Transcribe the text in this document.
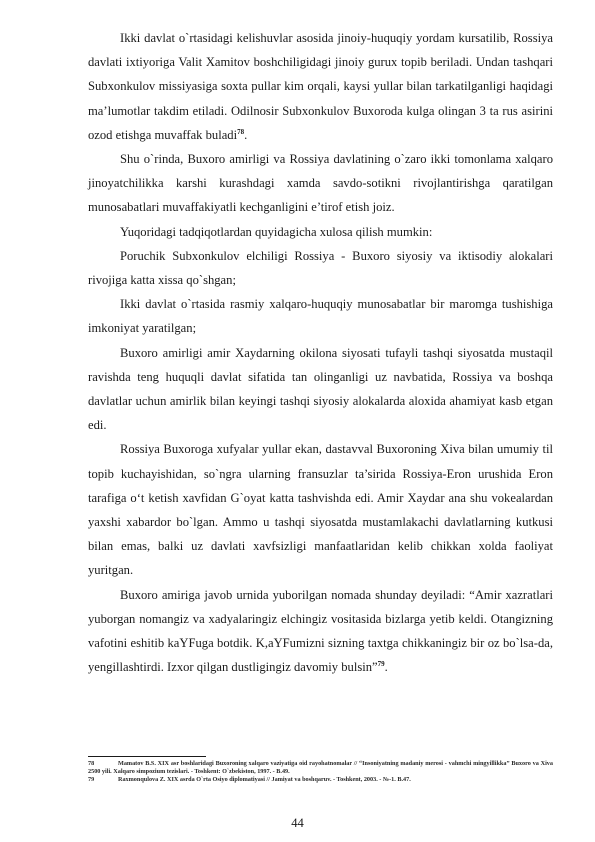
Ikki davlat o`rtasidagi kelishuvlar asosida jinoiy-huquqiy yordam kursatilib, Rossiya davlati ixtiyoriga Valit Xamitov boshchiligidagi jinoiy gurux topib beriladi. Undan tashqari Subxonkulov missiyasiga soxta pullar kim orqali, kaysi yullar bilan tarkatilganligi haqidagi ma’lumotlar takdim etiladi. Odilnosir Subxonkulov Buxoroda kulga olingan 3 ta rus asirini ozod etishga muvaffak buladi$^{78}$.

Shu o`rinda, Buxoro amirligi va Rossiya davlatining o`zaro ikki tomonlama xalqaro jinoyatchilikka karshi kurashdagi xamda savdo-sotikni rivojlantirishga qaratilgan munosabatlari muvaffakiyatli kechganligini e’tirof etish joiz.

Yuqoridagi tadqiqotlardan quyidagicha xulosa qilish mumkin:

Poruchik Subxonkulov elchiligi Rossiya - Buxoro siyosiy va iktisodiy alokalari rivojiga katta xissa qo`shgan;

Ikki davlat o`rtasida rasmiy xalqaro-huquqiy munosabatlar bir maromga tushishiga imkoniyat yaratilgan;

Buxoro amirligi amir Xaydarning okilona siyosati tufayli tashqi siyosatda mustaqil ravishda teng huquqli davlat sifatida tan olinganligi uz navbatida, Rossiya va boshqa davlatlar uchun amirlik bilan keyingi tashqi siyosiy alokalarda aloxida ahamiyat kasb etgan edi.

Rossiya Buxoroga xufyalar yullar ekan, dastavval Buxoroning Xiva bilan umumiy til topib kuchayishidan, so`ngra ularning fransuzlar ta’sirida Rossiya-Eron urushida Eron tarafiga o‘t ketish xavfidan G`oyat katta tashvishda edi. Amir Xaydar ana shu vokealardan yaxshi xabardor bo`lgan. Ammo u tashqi siyosatda mustamlakachi davlatlarning kutkusi bilan emas, balki uz davlati xavfsizligi manfaatlaridan kelib chikkan xolda faoliyat yuritgan.

Buxoro amiriga javob urnida yuborilgan nomada shunday deyiladi: “Amir xazratlari yuborgan nomangiz va xadyalaringiz elchingiz vositasida bizlarga yetib keldi. Otangizning vafotini eshitib kaYFuga botdik. K,aYFumizni sizning taxtga chikkaningiz bir oz bo`lsa-da, yengillashtirdi. Izxor qilgan dustligingiz davomiy bulsin”$^{79}$.

78	Mamatov B.S. XIX asr boshlaridagi Buxoroning xalqaro vaziyatiga oid rayohatnomalar // “Insoniyatning madaniy merosi - vahmchi mingyillikka” Buxoro va Xiva 2500 yili. Xalqaro simpozium tezislari. - Toshkent: O`zbekiston, 1997. - B.49.
79	Raxmonqulova Z. XIX asrda O`rta Osiyo diplomatiyasi // Jamiyat va boshqaruv. - Toshkent, 2003. - №-1. B.47.
44
